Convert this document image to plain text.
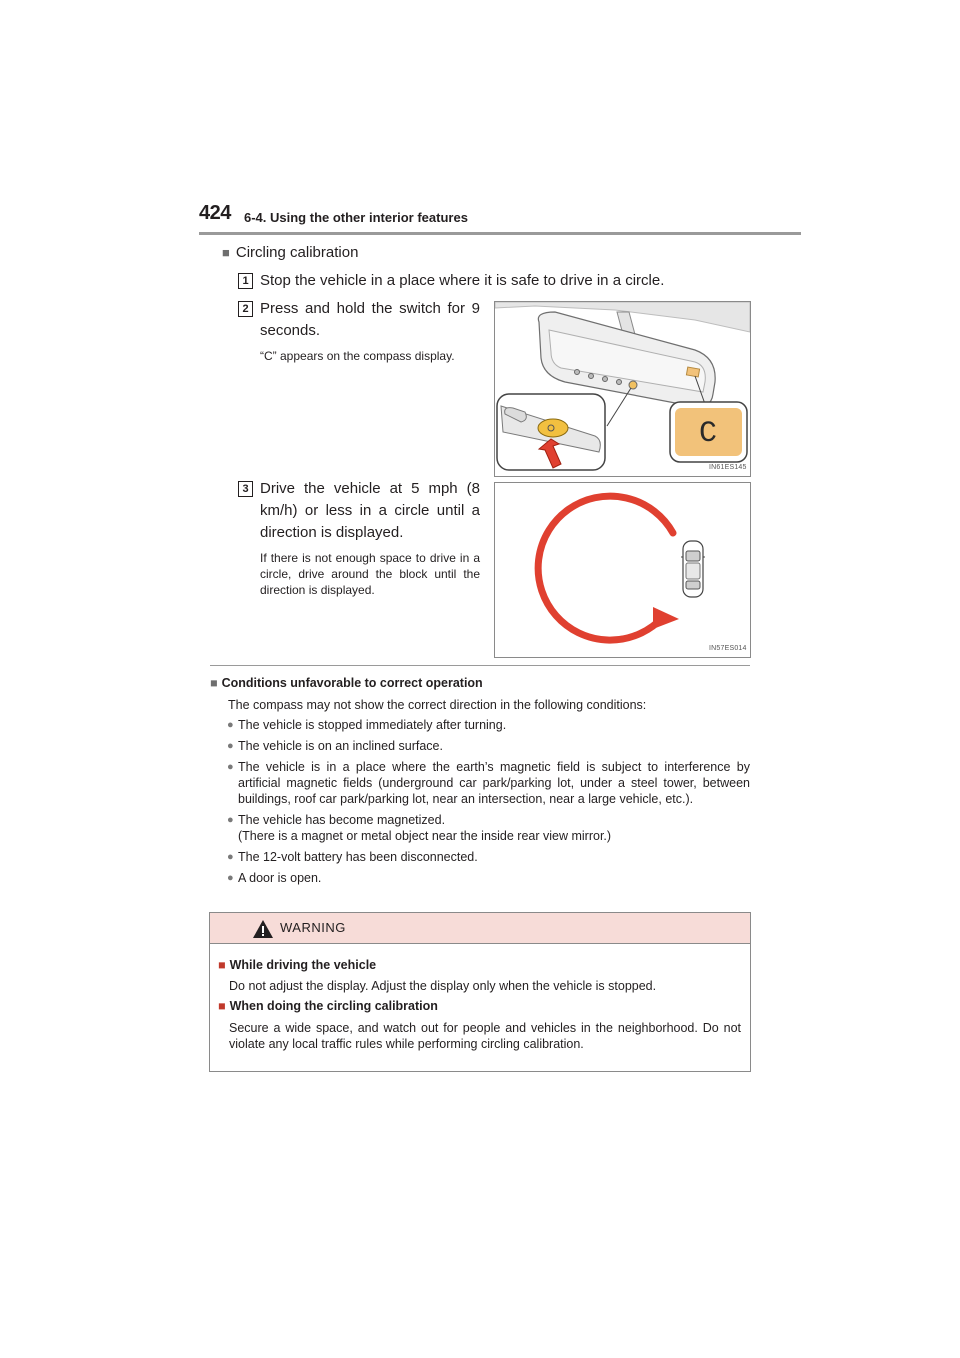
424 6-4. Using the other interior features
■ Circling calibration
1 Stop the vehicle in a place where it is safe to drive in a circle.
2 Press and hold the switch for 9 seconds.
“C” appears on the compass display.
C
IN61ES145
3 Drive the vehicle at 5 mph (8 km/h) or less in a circle until a direction is displayed.
If there is not enough space to drive in a circle, drive around the block until the direction is displayed.
IN57ES014
■ Conditions unfavorable to correct operation
The compass may not show the correct direction in the following conditions:
● The vehicle is stopped immediately after turning.
● The vehicle is on an inclined surface.
● The vehicle is in a place where the earth’s magnetic field is subject to interference by artificial magnetic fields (underground car park/parking lot, under a steel tower, between buildings, roof car park/parking lot, near an intersection, near a large vehicle, etc.).
● The vehicle has become magnetized.
(There is a magnet or metal object near the inside rear view mirror.)
● The 12-volt battery has been disconnected.
● A door is open.
WARNING
■ While driving the vehicle
Do not adjust the display. Adjust the display only when the vehicle is stopped.
■ When doing the circling calibration
Secure a wide space, and watch out for people and vehicles in the neighborhood. Do not violate any local traffic rules while performing circling calibration.
